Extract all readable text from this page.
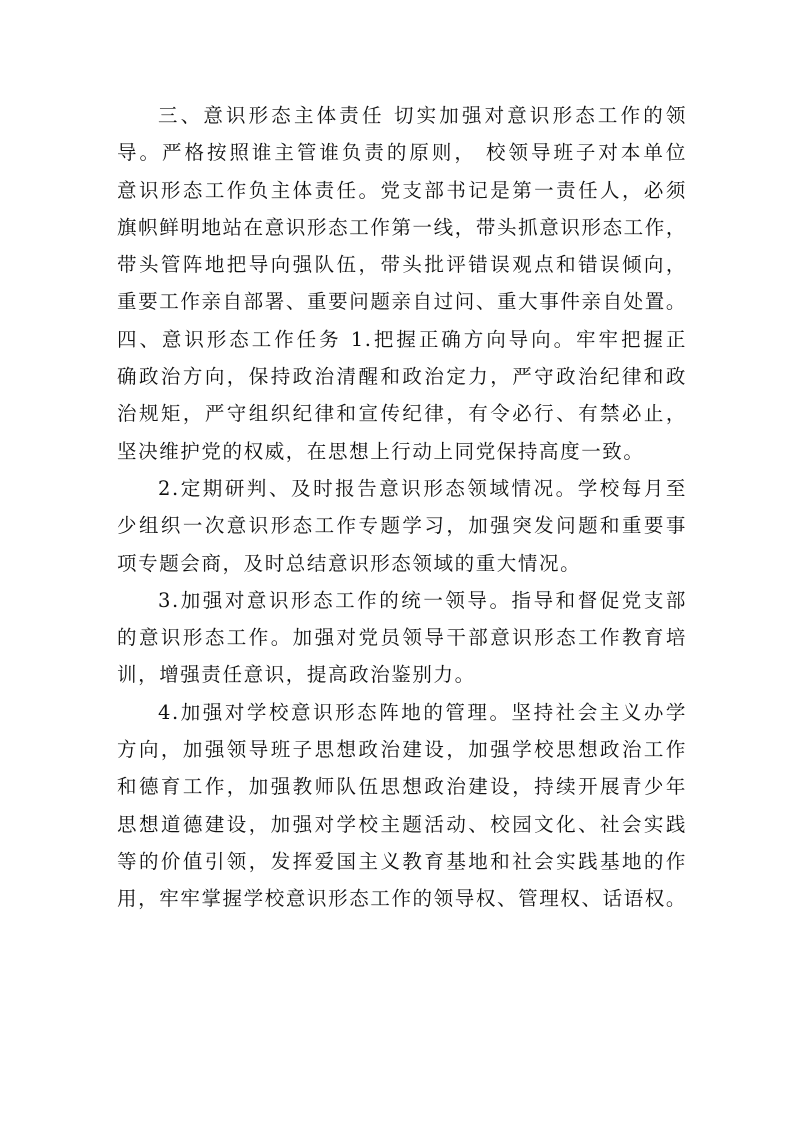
三、意识形态主体责任 切实加强对意识形态工作的领
导。严格按照谁主管谁负责的原则， 校领导班子对本单位
意识形态工作负主体责任。党支部书记是第一责任人，必须
旗帜鲜明地站在意识形态工作第一线，带头抓意识形态工作，
带头管阵地把导向强队伍，带头批评错误观点和错误倾向，
重要工作亲自部署、重要问题亲自过问、重大事件亲自处置。
四、意识形态工作任务 1.把握正确方向导向。牢牢把握正
确政治方向，保持政治清醒和政治定力，严守政治纪律和政
治规矩，严守组织纪律和宣传纪律，有令必行、有禁必止，
坚决维护党的权威，在思想上行动上同党保持高度一致。
2.定期研判、及时报告意识形态领域情况。学校每月至
少组织一次意识形态工作专题学习，加强突发问题和重要事
项专题会商，及时总结意识形态领域的重大情况。
3.加强对意识形态工作的统一领导。指导和督促党支部
的意识形态工作。加强对党员领导干部意识形态工作教育培
训，增强责任意识，提高政治鉴别力。
4.加强对学校意识形态阵地的管理。坚持社会主义办学
方向，加强领导班子思想政治建设，加强学校思想政治工作
和德育工作，加强教师队伍思想政治建设，持续开展青少年
思想道德建设，加强对学校主题活动、校园文化、社会实践
等的价值引领，发挥爱国主义教育基地和社会实践基地的作
用，牢牢掌握学校意识形态工作的领导权、管理权、话语权。
